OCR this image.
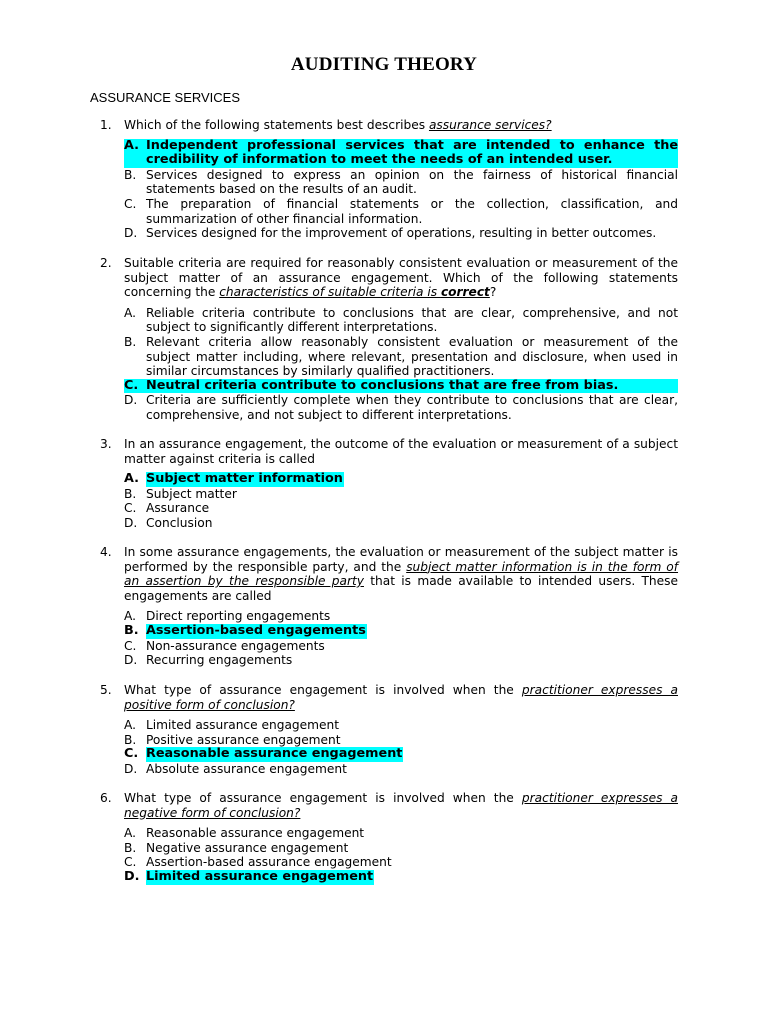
AUDITING THEORY
ASSURANCE SERVICES
1. Which of the following statements best describes assurance services?
A. Independent professional services that are intended to enhance the credibility of information to meet the needs of an intended user.
B. Services designed to express an opinion on the fairness of historical financial statements based on the results of an audit.
C. The preparation of financial statements or the collection, classification, and summarization of other financial information.
D. Services designed for the improvement of operations, resulting in better outcomes.
2. Suitable criteria are required for reasonably consistent evaluation or measurement of the subject matter of an assurance engagement. Which of the following statements concerning the characteristics of suitable criteria is correct?
A. Reliable criteria contribute to conclusions that are clear, comprehensive, and not subject to significantly different interpretations.
B. Relevant criteria allow reasonably consistent evaluation or measurement of the subject matter including, where relevant, presentation and disclosure, when used in similar circumstances by similarly qualified practitioners.
C. Neutral criteria contribute to conclusions that are free from bias.
D. Criteria are sufficiently complete when they contribute to conclusions that are clear, comprehensive, and not subject to different interpretations.
3. In an assurance engagement, the outcome of the evaluation or measurement of a subject matter against criteria is called
A. Subject matter information
B. Subject matter
C. Assurance
D. Conclusion
4. In some assurance engagements, the evaluation or measurement of the subject matter is performed by the responsible party, and the subject matter information is in the form of an assertion by the responsible party that is made available to intended users. These engagements are called
A. Direct reporting engagements
B. Assertion-based engagements
C. Non-assurance engagements
D. Recurring engagements
5. What type of assurance engagement is involved when the practitioner expresses a positive form of conclusion?
A. Limited assurance engagement
B. Positive assurance engagement
C. Reasonable assurance engagement
D. Absolute assurance engagement
6. What type of assurance engagement is involved when the practitioner expresses a negative form of conclusion?
A. Reasonable assurance engagement
B. Negative assurance engagement
C. Assertion-based assurance engagement
D. Limited assurance engagement
